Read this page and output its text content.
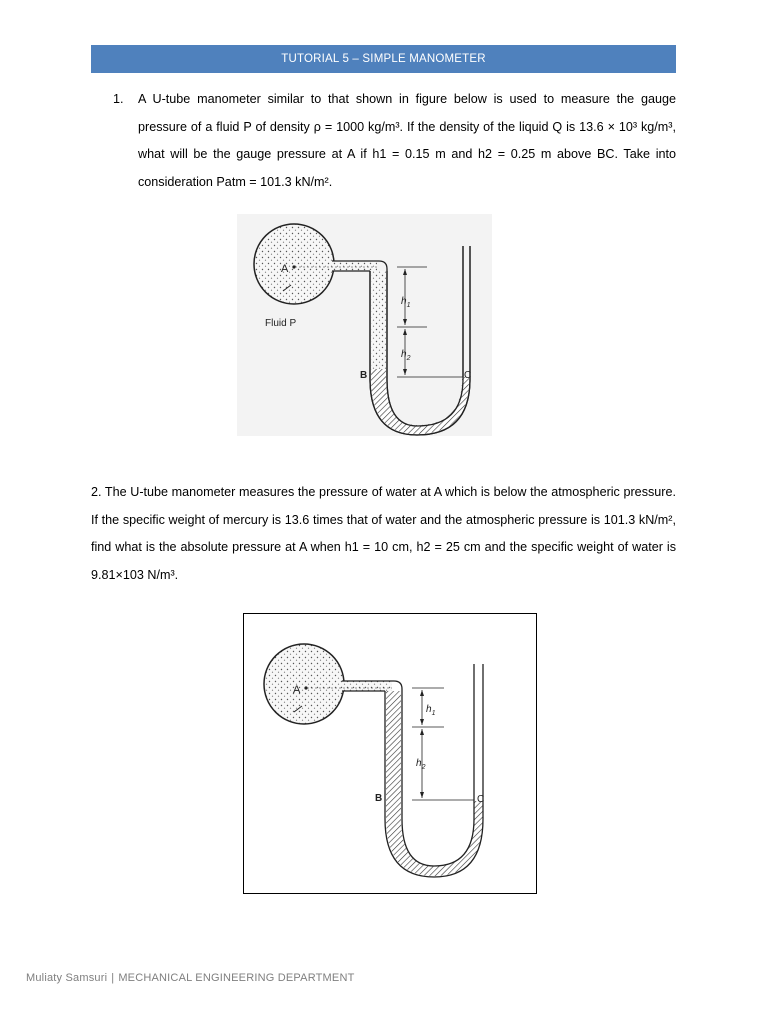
TUTORIAL 5 – SIMPLE MANOMETER
1. A U-tube manometer similar to that shown in figure below is used to measure the gauge pressure of a fluid P of density ρ = 1000 kg/m³. If the density of the liquid Q is 13.6 × 10³ kg/m³, what will be the gauge pressure at A if h1 = 0.15 m and h2 = 0.25 m above BC. Take into consideration Patm = 101.3 kN/m².
A
Fluid P
$h_1$
$h_2$
B	C
2. The U-tube manometer measures the pressure of water at A which is below the atmospheric pressure. If the specific weight of mercury is 13.6 times that of water and the atmospheric pressure is 101.3 kN/m², find what is the absolute pressure at A when h1 = 10 cm, h2 = 25 cm and the specific weight of water is 9.81×103 N/m³.
A
$h_1$
$h_2$
B	C
Muliaty Samsuri | MECHANICAL ENGINEERING DEPARTMENT
